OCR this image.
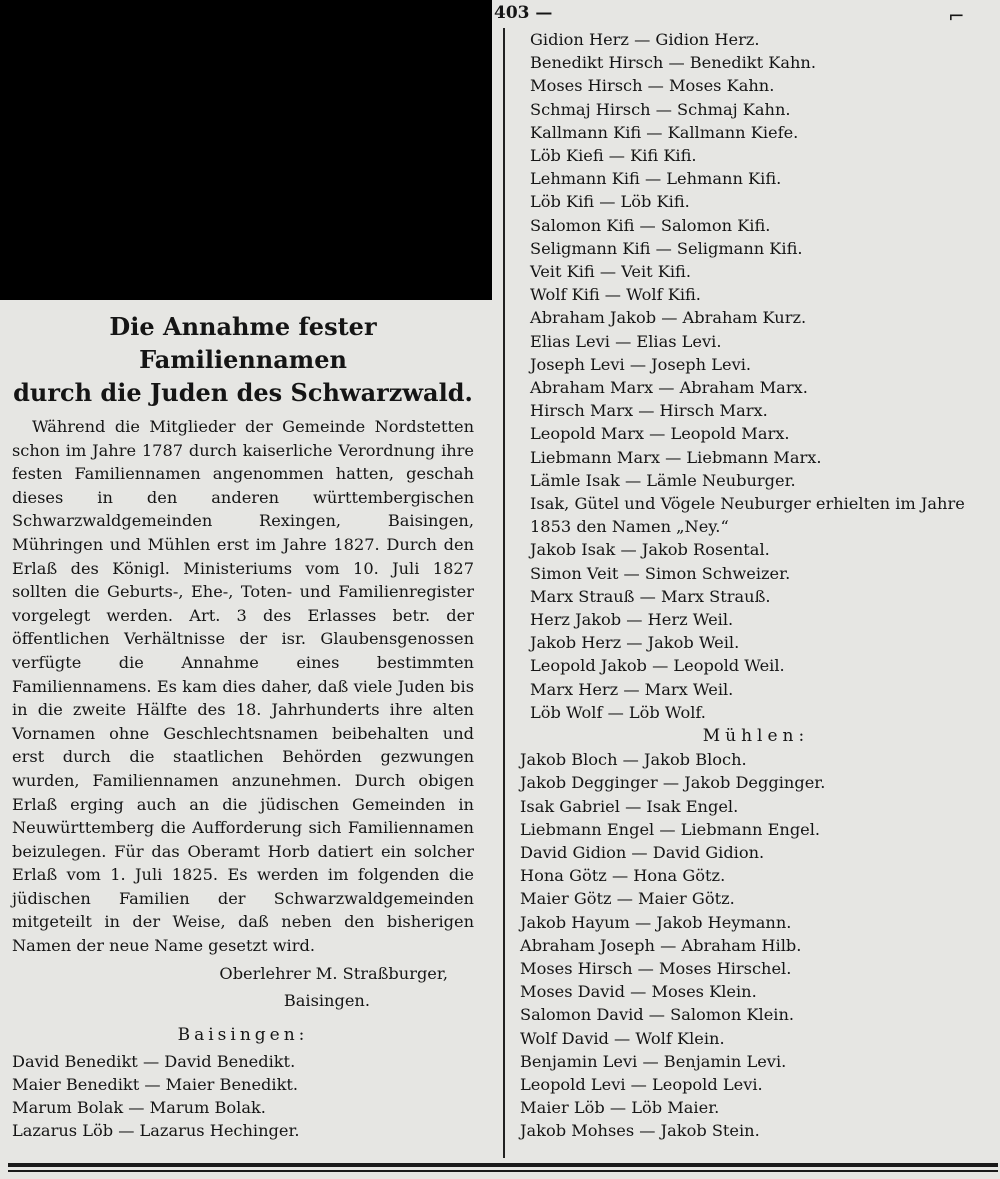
403 —	⌐
Die Annahme fester Familiennamen
durch die Juden des Schwarzwald.

Während die Mitglieder der Gemeinde Nordstetten schon im Jahre 1787 durch kaiserliche Verordnung ihre festen Familiennamen angenommen hatten, geschah dieses in den anderen württembergischen Schwarzwaldgemeinden Rexingen, Baisingen, Mühringen und Mühlen erst im Jahre 1827. Durch den Erlaß des Königl. Ministeriums vom 10. Juli 1827 sollten die Geburts-, Ehe-, Toten- und Familienregister vorgelegt werden. Art. 3 des Erlasses betr. der öffentlichen Verhältnisse der isr. Glaubensgenossen verfügte die Annahme eines bestimmten Familiennamens. Es kam dies daher, daß viele Juden bis in die zweite Hälfte des 18. Jahrhunderts ihre alten Vornamen ohne Geschlechtsnamen beibehalten und erst durch die staatlichen Behörden gezwungen wurden, Familiennamen anzunehmen. Durch obigen Erlaß erging auch an die jüdischen Gemeinden in Neuwürttemberg die Aufforderung sich Familiennamen beizulegen. Für das Oberamt Horb datiert ein solcher Erlaß vom 1. Juli 1825. Es werden im folgenden die jüdischen Familien der Schwarzwaldgemeinden mitgeteilt in der Weise, daß neben den bisherigen Namen der neue Name gesetzt wird.

Oberlehrer M. Straßburger,
Baisingen.
Baisingen:
David Benedikt — David Benedikt.
Maier Benedikt — Maier Benedikt.
Marum Bolak — Marum Bolak.
Lazarus Löb — Lazarus Hechinger.
Gidion Herz — Gidion Herz.
Benedikt Hirsch — Benedikt Kahn.
Moses Hirsch — Moses Kahn.
Schmaj Hirsch — Schmaj Kahn.
Kallmann Kifi — Kallmann Kiefe.
Löb Kiefi — Kifi Kifi.
Lehmann Kifi — Lehmann Kifi.
Löb Kifi — Löb Kifi.
Salomon Kifi — Salomon Kifi.
Seligmann Kifi — Seligmann Kifi.
Veit Kifi — Veit Kifi.
Wolf Kifi — Wolf Kifi.
Abraham Jakob — Abraham Kurz.
Elias Levi — Elias Levi.
Joseph Levi — Joseph Levi.
Abraham Marx — Abraham Marx.
Hirsch Marx — Hirsch Marx.
Leopold Marx — Leopold Marx.
Liebmann Marx — Liebmann Marx.
Lämle Isak — Lämle Neuburger.
Isak, Gütel und Vögele Neuburger erhielten im Jahre 1853 den Namen „Ney.“
Jakob Isak — Jakob Rosental.
Simon Veit — Simon Schweizer.
Marx Strauß — Marx Strauß.
Herz Jakob — Herz Weil.
Jakob Herz — Jakob Weil.
Leopold Jakob — Leopold Weil.
Marx Herz — Marx Weil.
Löb Wolf — Löb Wolf.
Mühlen:
Jakob Bloch — Jakob Bloch.
Jakob Degginger — Jakob Degginger.
Isak Gabriel — Isak Engel.
Liebmann Engel — Liebmann Engel.
David Gidion — David Gidion.
Hona Götz — Hona Götz.
Maier Götz — Maier Götz.
Jakob Hayum — Jakob Heymann.
Abraham Joseph — Abraham Hilb.
Moses Hirsch — Moses Hirschel.
Moses David — Moses Klein.
Salomon David — Salomon Klein.
Wolf David — Wolf Klein.
Benjamin Levi — Benjamin Levi.
Leopold Levi — Leopold Levi.
Maier Löb — Löb Maier.
Jakob Mohses — Jakob Stein.
